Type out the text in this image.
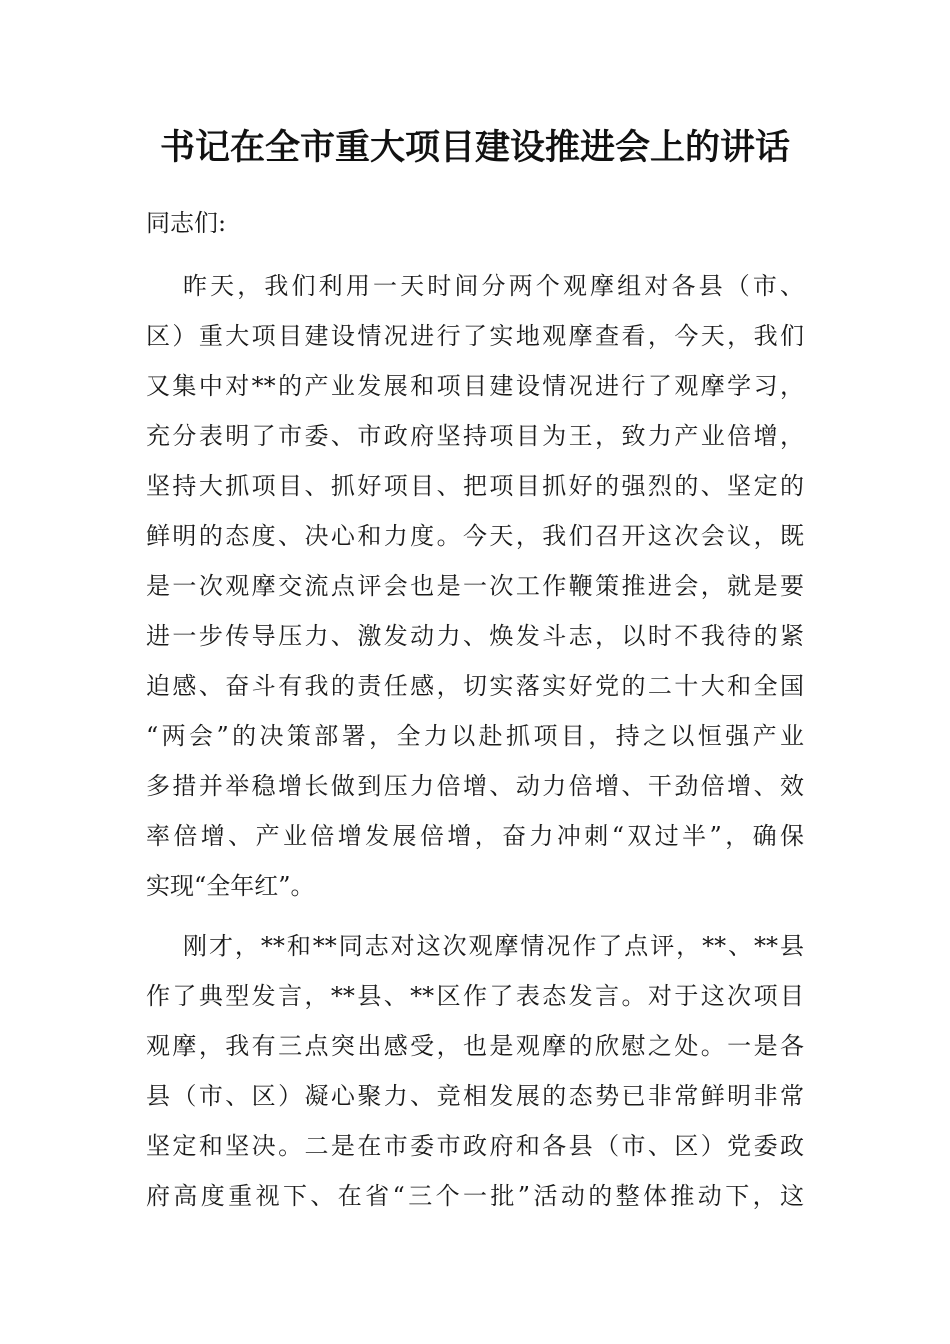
书记在全市重大项目建设推进会上的讲话
同志们:
昨天，我们利用一天时间分两个观摩组对各县（市、
区）重大项目建设情况进行了实地观摩查看，今天，我们
又集中对**的产业发展和项目建设情况进行了观摩学习，
充分表明了市委、市政府坚持项目为王，致力产业倍增，
坚持大抓项目、抓好项目、把项目抓好的强烈的、坚定的
鲜明的态度、决心和力度。今天，我们召开这次会议，既
是一次观摩交流点评会也是一次工作鞭策推进会，就是要
进一步传导压力、激发动力、焕发斗志，以时不我待的紧
迫感、奋斗有我的责任感，切实落实好党的二十大和全国
“两会”的决策部署，全力以赴抓项目，持之以恒强产业
多措并举稳增长做到压力倍增、动力倍增、干劲倍增、效
率倍增、产业倍增发展倍增，奋力冲刺“双过半”，确保
实现“全年红”。
刚才，**和**同志对这次观摩情况作了点评，**、**县
作了典型发言，**县、**区作了表态发言。对于这次项目
观摩，我有三点突出感受，也是观摩的欣慰之处。一是各
县（市、区）凝心聚力、竞相发展的态势已非常鲜明非常
坚定和坚决。二是在市委市政府和各县（市、区）党委政
府高度重视下、在省“三个一批”活动的整体推动下，这
